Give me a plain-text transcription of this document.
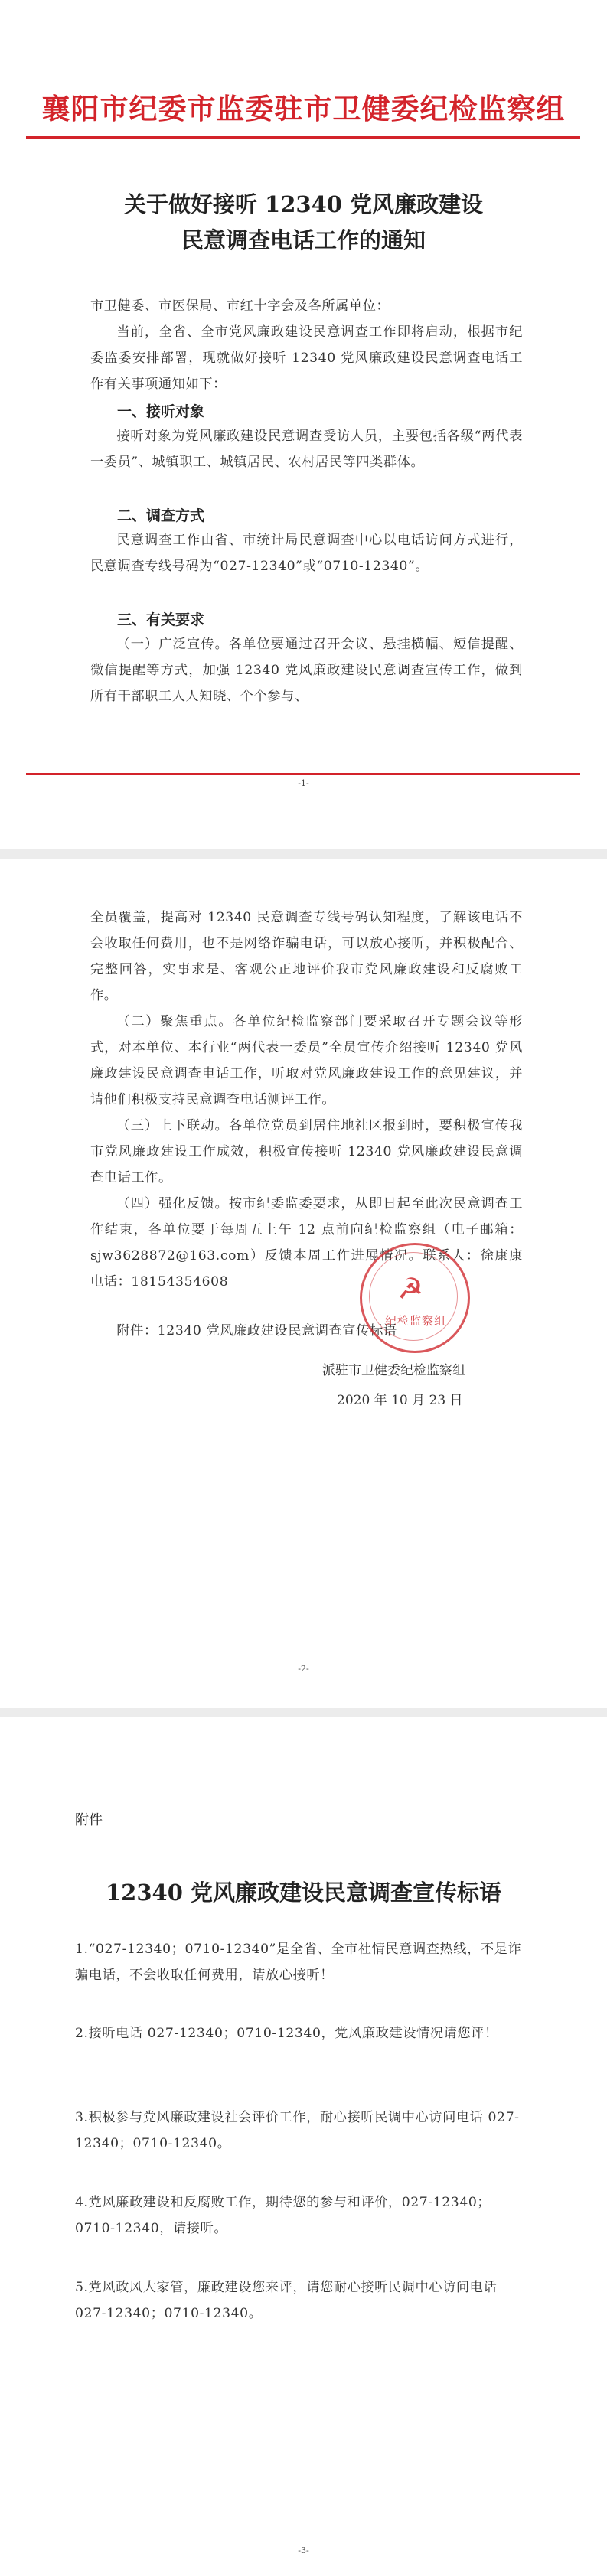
襄阳市纪委市监委驻市卫健委纪检监察组
关于做好接听 12340 党风廉政建设
民意调查电话工作的通知

市卫健委、市医保局、市红十字会及各所属单位：

当前，全省、全市党风廉政建设民意调查工作即将启动，根据市纪委监委安排部署，现就做好接听 12340 党风廉政建设民意调查电话工作有关事项通知如下：

一、接听对象

接听对象为党风廉政建设民意调查受访人员，主要包括各级“两代表一委员”、城镇职工、城镇居民、农村居民等四类群体。

二、调查方式

民意调查工作由省、市统计局民意调查中心以电话访问方式进行，民意调查专线号码为“027-12340”或“0710-12340”。

三、有关要求

（一）广泛宣传。各单位要通过召开会议、悬挂横幅、短信提醒、微信提醒等方式，加强 12340 党风廉政建设民意调查宣传工作，做到所有干部职工人人知晓、个个参与、

-1-

全员覆盖，提高对 12340 民意调查专线号码认知程度，了解该电话不会收取任何费用，也不是网络诈骗电话，可以放心接听，并积极配合、完整回答，实事求是、客观公正地评价我市党风廉政建设和反腐败工作。

（二）聚焦重点。各单位纪检监察部门要采取召开专题会议等形式，对本单位、本行业“两代表一委员”全员宣传介绍接听 12340 党风廉政建设民意调查电话工作，听取对党风廉政建设工作的意见建议，并请他们积极支持民意调查电话测评工作。

（三）上下联动。各单位党员到居住地社区报到时，要积极宣传我市党风廉政建设工作成效，积极宣传接听 12340 党风廉政建设民意调查电话工作。

（四）强化反馈。按市纪委监委要求，从即日起至此次民意调查工作结束，各单位要于每周五上午 12 点前向纪检监察组（电子邮箱：sjw3628872@163.com）反馈本周工作进展情况。联系人：徐康康　电话：18154354608

附件：12340 党风廉政建设民意调查宣传标语

☭
纪检监察组
派驻市卫健委纪检监察组
2020 年 10 月 23 日
-2-
附件
12340 党风廉政建设民意调查宣传标语

1.“027-12340；0710-12340”是全省、全市社情民意调查热线，不是诈骗电话，不会收取任何费用，请放心接听！

2.接听电话 027-12340；0710-12340，党风廉政建设情况请您评！

3.积极参与党风廉政建设社会评价工作，耐心接听民调中心访问电话 027-12340；0710-12340。

4.党风廉政建设和反腐败工作，期待您的参与和评价，027-12340；0710-12340，请接听。

5.党风政风大家管，廉政建设您来评，请您耐心接听民调中心访问电话 027-12340；0710-12340。

-3-
